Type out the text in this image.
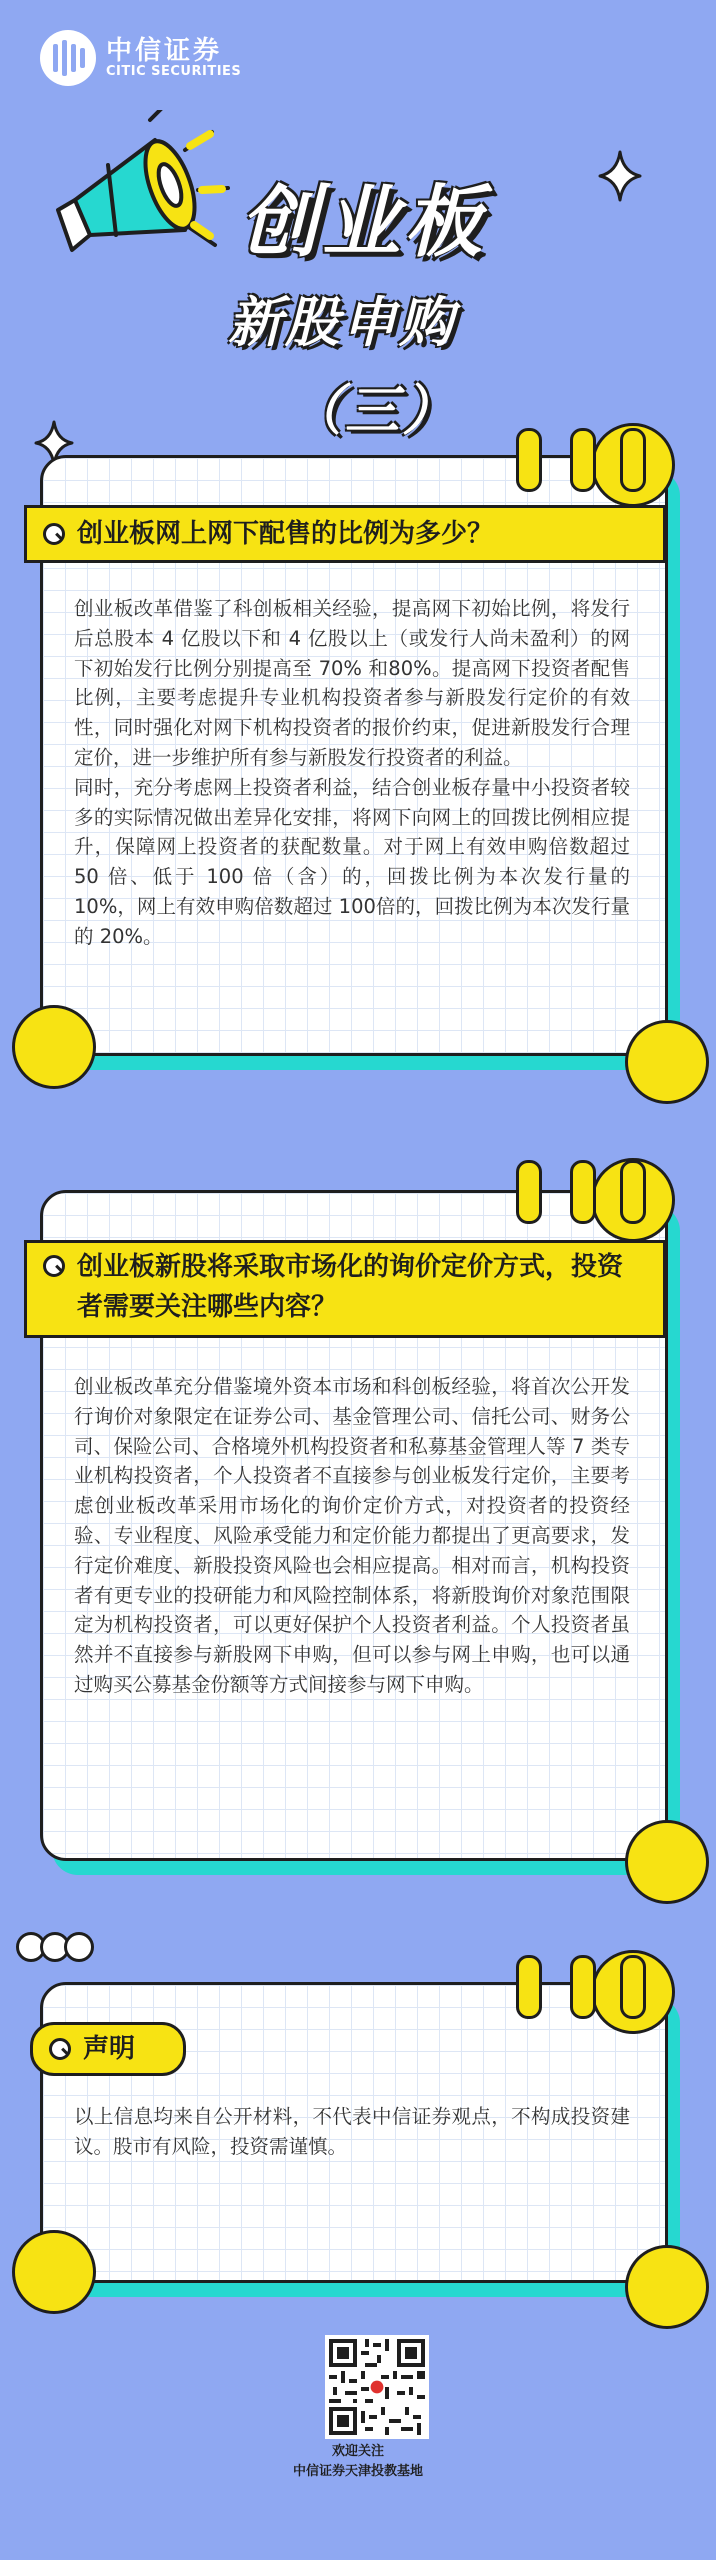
中信证券
CITIC SECURITIES
创业板
新股申购
（三）
创业板网上网下配售的比例为多少？
创业板改革借鉴了科创板相关经验，提高网下初始比例，将发行后总股本 4 亿股以下和 4 亿股以上（或发行人尚未盈利）的网下初始发行比例分别提高至 70% 和80%。提高网下投资者配售比例，主要考虑提升专业机构投资者参与新股发行定价的有效性，同时强化对网下机构投资者的报价约束，促进新股发行合理定价，进一步维护所有参与新股发行投资者的利益。
同时，充分考虑网上投资者利益，结合创业板存量中小投资者较多的实际情况做出差异化安排，将网下向网上的回拨比例相应提升，保障网上投资者的获配数量。对于网上有效申购倍数超过 50 倍、低于 100 倍（含）的，回拨比例为本次发行量的 10%，网上有效申购倍数超过 100倍的，回拨比例为本次发行量的 20%。
创业板新股将采取市场化的询价定价方式，投资者需要关注哪些内容？
创业板改革充分借鉴境外资本市场和科创板经验，将首次公开发行询价对象限定在证券公司、基金管理公司、信托公司、财务公司、保险公司、合格境外机构投资者和私募基金管理人等 7 类专业机构投资者，个人投资者不直接参与创业板发行定价，主要考虑创业板改革采用市场化的询价定价方式，对投资者的投资经验、专业程度、风险承受能力和定价能力都提出了更高要求，发行定价难度、新股投资风险也会相应提高。相对而言，机构投资者有更专业的投研能力和风险控制体系，将新股询价对象范围限定为机构投资者，可以更好保护个人投资者利益。个人投资者虽然并不直接参与新股网下申购，但可以参与网上申购，也可以通过购买公募基金份额等方式间接参与网下申购。
声明
以上信息均来自公开材料，不代表中信证券观点，不构成投资建议。股市有风险，投资需谨慎。
欢迎关注
中信证券天津投教基地
